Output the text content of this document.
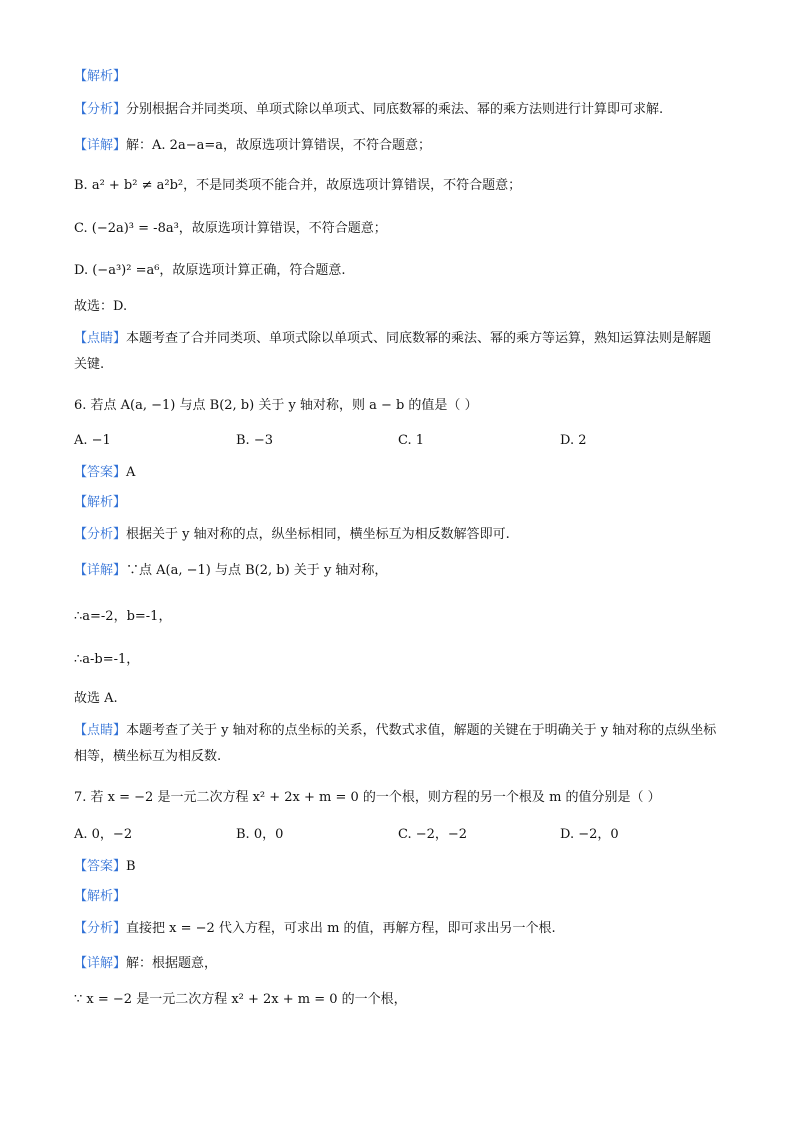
【解析】
【分析】分别根据合并同类项、单项式除以单项式、同底数幂的乘法、幂的乘方法则进行计算即可求解.
【详解】解：A. 2a−a=a，故原选项计算错误，不符合题意；
B. a² + b² ≠ a²b²，不是同类项不能合并，故原选项计算错误，不符合题意；
C. (−2a)³ = -8a³，故原选项计算错误，不符合题意；
D. (−a³)² =a⁶，故原选项计算正确，符合题意.
故选：D.
【点睛】本题考查了合并同类项、单项式除以单项式、同底数幂的乘法、幂的乘方等运算，熟知运算法则是解题关键.
6. 若点 A(a, −1) 与点 B(2, b) 关于 y 轴对称，则 a − b 的值是（ ）
A. −1	B. −3	C. 1	D. 2
【答案】A
【解析】
【分析】根据关于 y 轴对称的点，纵坐标相同，横坐标互为相反数解答即可.
【详解】∵点 A(a, −1) 与点 B(2, b) 关于 y 轴对称，
∴a=-2，b=-1，
∴a-b=-1，
故选 A.
【点睛】本题考查了关于 y 轴对称的点坐标的关系，代数式求值，解题的关键在于明确关于 y 轴对称的点纵坐标相等，横坐标互为相反数.
7. 若 x = −2 是一元二次方程 x² + 2x + m = 0 的一个根，则方程的另一个根及 m 的值分别是（ ）
A. 0，−2	B. 0，0	C. −2，−2	D. −2，0
【答案】B
【解析】
【分析】直接把 x = −2 代入方程，可求出 m 的值，再解方程，即可求出另一个根.
【详解】解：根据题意，
∵ x = −2 是一元二次方程 x² + 2x + m = 0 的一个根，
